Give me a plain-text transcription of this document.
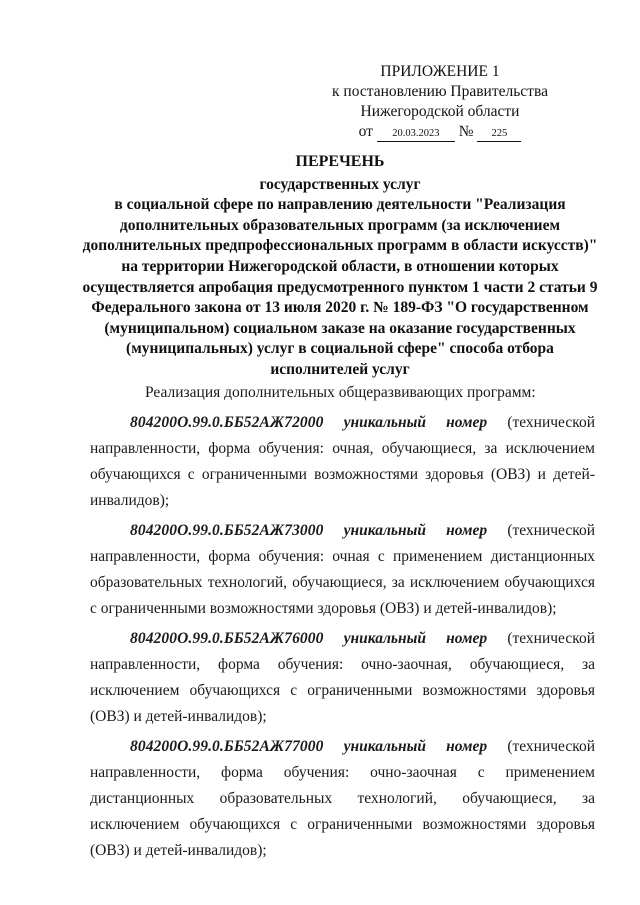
ПРИЛОЖЕНИЕ 1
к постановлению Правительства
Нижегородской области
от 20.03.2023 № 225
ПЕРЕЧЕНЬ
государственных услуг
в социальной сфере по направлению деятельности "Реализация
дополнительных образовательных программ (за исключением
дополнительных предпрофессиональных программ в области искусств)"
на территории Нижегородской области, в отношении которых
осуществляется апробация предусмотренного пунктом 1 части 2 статьи 9
Федерального закона от 13 июля 2020 г. № 189-ФЗ "О государственном
(муниципальном) социальном заказе на оказание государственных
(муниципальных) услуг в социальной сфере" способа отбора
исполнителей услуг

Реализация дополнительных общеразвивающих программ:

804200О.99.0.ББ52АЖ72000 уникальный номер (технической направленности, форма обучения: очная, обучающиеся, за исключением обучающихся с ограниченными возможностями здоровья (ОВЗ) и детей-инвалидов);

804200О.99.0.ББ52АЖ73000 уникальный номер (технической направленности, форма обучения: очная с применением дистанционных образовательных технологий, обучающиеся, за исключением обучающихся с ограниченными возможностями здоровья (ОВЗ) и детей-инвалидов);

804200О.99.0.ББ52АЖ76000 уникальный номер (технической направленности, форма обучения: очно-заочная, обучающиеся, за исключением обучающихся с ограниченными возможностями здоровья (ОВЗ) и детей-инвалидов);

804200О.99.0.ББ52АЖ77000 уникальный номер (технической направленности, форма обучения: очно-заочная с применением дистанционных образовательных технологий, обучающиеся, за исключением обучающихся с ограниченными возможностями здоровья (ОВЗ) и детей-инвалидов);
